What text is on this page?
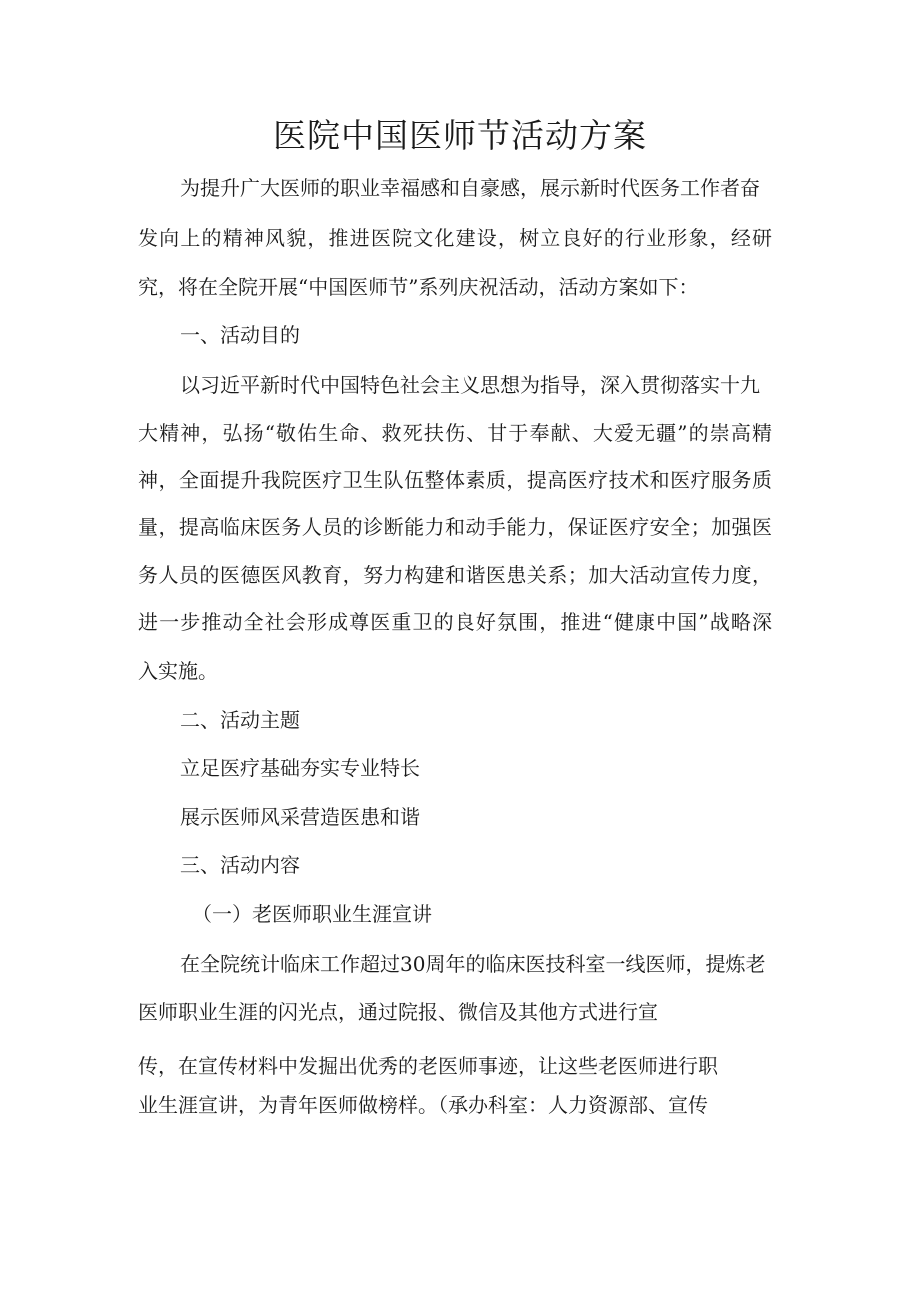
医院中国医师节活动方案
为提升广大医师的职业幸福感和自豪感，展示新时代医务工作者奋
发向上的精神风貌，推进医院文化建设，树立良好的行业形象，经研
究，将在全院开展“中国医师节”系列庆祝活动，活动方案如下：
一、活动目的
以习近平新时代中国特色社会主义思想为指导，深入贯彻落实十九
大精神，弘扬“敬佑生命、救死扶伤、甘于奉献、大爱无疆”的崇高精
神，全面提升我院医疗卫生队伍整体素质，提高医疗技术和医疗服务质
量，提高临床医务人员的诊断能力和动手能力，保证医疗安全；加强医
务人员的医德医风教育，努力构建和谐医患关系；加大活动宣传力度，
进一步推动全社会形成尊医重卫的良好氛围，推进“健康中国”战略深
入实施。
二、活动主题
立足医疗基础夯实专业特长
展示医师风采营造医患和谐
三、活动内容
（一）老医师职业生涯宣讲
在全院统计临床工作超过30周年的临床医技科室一线医师，提炼老
医师职业生涯的闪光点，通过院报、微信及其他方式进行宣
传，在宣传材料中发掘出优秀的老医师事迹，让这些老医师进行职
业生涯宣讲，为青年医师做榜样。（承办科室：人力资源部、宣传
